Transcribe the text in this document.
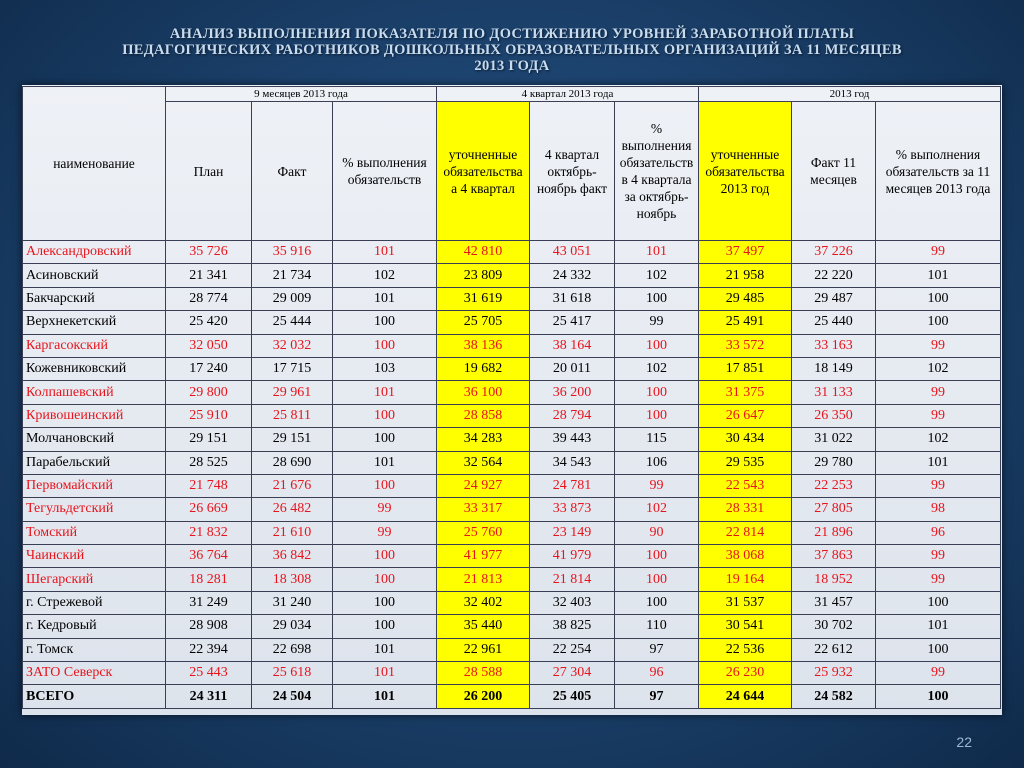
АНАЛИЗ ВЫПОЛНЕНИЯ ПОКАЗАТЕЛЯ ПО ДОСТИЖЕНИЮ УРОВНЕЙ ЗАРАБОТНОЙ ПЛАТЫ
ПЕДАГОГИЧЕСКИХ РАБОТНИКОВ ДОШКОЛЬНЫХ ОБРАЗОВАТЕЛЬНЫХ ОРГАНИЗАЦИЙ ЗА 11 МЕСЯЦЕВ
2013 ГОДА
наименование	9 месяцев 2013 года			4 квартал 2013 года			2013 год		
	План	Факт	% выполнения обязательств	уточненные обязательства а 4 квартал	4 квартал октябрь-ноябрь факт	% выполнения обязательств в 4 квартала за октябрь-ноябрь	уточненные обязательства 2013 год	Факт 11 месяцев	% выполнения обязательств за 11 месяцев 2013 года
Александровский	35 726	35 916	101	42 810	43 051	101	37 497	37 226	99
Асиновский	21 341	21 734	102	23 809	24 332	102	21 958	22 220	101
Бакчарский	28 774	29 009	101	31 619	31 618	100	29 485	29 487	100
Верхнекетский	25 420	25 444	100	25 705	25 417	99	25 491	25 440	100
Каргасокский	32 050	32 032	100	38 136	38 164	100	33 572	33 163	99
Кожевниковский	17 240	17 715	103	19 682	20 011	102	17 851	18 149	102
Колпашевский	29 800	29 961	101	36 100	36 200	100	31 375	31 133	99
Кривошеинский	25 910	25 811	100	28 858	28 794	100	26 647	26 350	99
Молчановский	29 151	29 151	100	34 283	39 443	115	30 434	31 022	102
Парабельский	28 525	28 690	101	32 564	34 543	106	29 535	29 780	101
Первомайский	21 748	21 676	100	24 927	24 781	99	22 543	22 253	99
Тегульдетский	26 669	26 482	99	33 317	33 873	102	28 331	27 805	98
Томский	21 832	21 610	99	25 760	23 149	90	22 814	21 896	96
Чаинский	36 764	36 842	100	41 977	41 979	100	38 068	37 863	99
Шегарский	18 281	18 308	100	21 813	21 814	100	19 164	18 952	99
г. Стрежевой	31 249	31 240	100	32 402	32 403	100	31 537	31 457	100
г. Кедровый	28 908	29 034	100	35 440	38 825	110	30 541	30 702	101
г. Томск	22 394	22 698	101	22 961	22 254	97	22 536	22 612	100
ЗАТО Северск	25 443	25 618	101	28 588	27 304	96	26 230	25 932	99
ВСЕГО	24 311	24 504	101	26 200	25 405	97	24 644	24 582	100
22
